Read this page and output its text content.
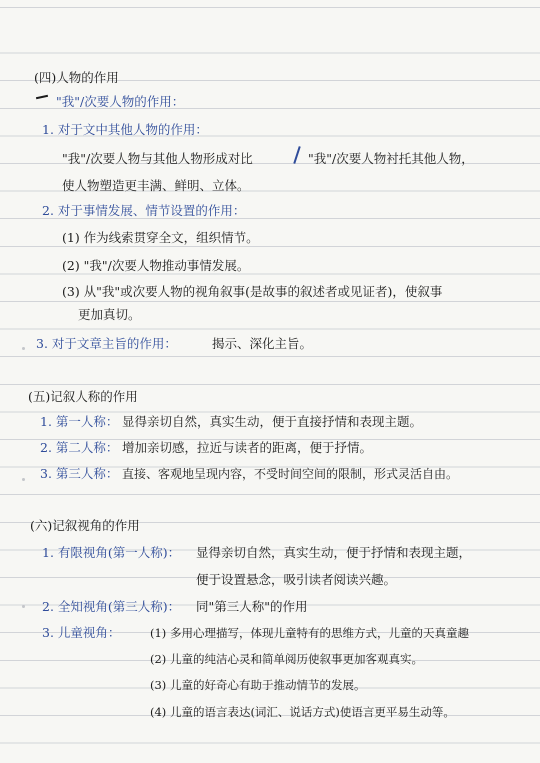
(四)人物的作用
"我"/次要人物的作用：
1. 对于文中其他人物的作用：
"我"/次要人物与其他人物形成对比	"我"/次要人物衬托其他人物，
使人物塑造更丰满、鲜明、立体。
2. 对于事情发展、情节设置的作用：
(1) 作为线索贯穿全文，组织情节。
(2) "我"/次要人物推动事情发展。
(3) 从"我"或次要人物的视角叙事(是故事的叙述者或见证者)，使叙事
更加真切。
3. 对于文章主旨的作用：	揭示、深化主旨。
(五)记叙人称的作用
1. 第一人称： 显得亲切自然，真实生动，便于直接抒情和表现主题。
2. 第二人称： 增加亲切感，拉近与读者的距离，便于抒情。
3. 第三人称： 直接、客观地呈现内容，不受时间空间的限制，形式灵活自由。
(六)记叙视角的作用
1. 有限视角(第一人称)： 显得亲切自然，真实生动，便于抒情和表现主题，
便于设置悬念，吸引读者阅读兴趣。
2. 全知视角(第三人称)： 同"第三人称"的作用
3. 儿童视角：	(1) 多用心理描写，体现儿童特有的思维方式，儿童的天真童趣
(2) 儿童的纯洁心灵和简单阅历使叙事更加客观真实。
(3) 儿童的好奇心有助于推动情节的发展。
(4) 儿童的语言表达(词汇、说话方式)使语言更平易生动等。
